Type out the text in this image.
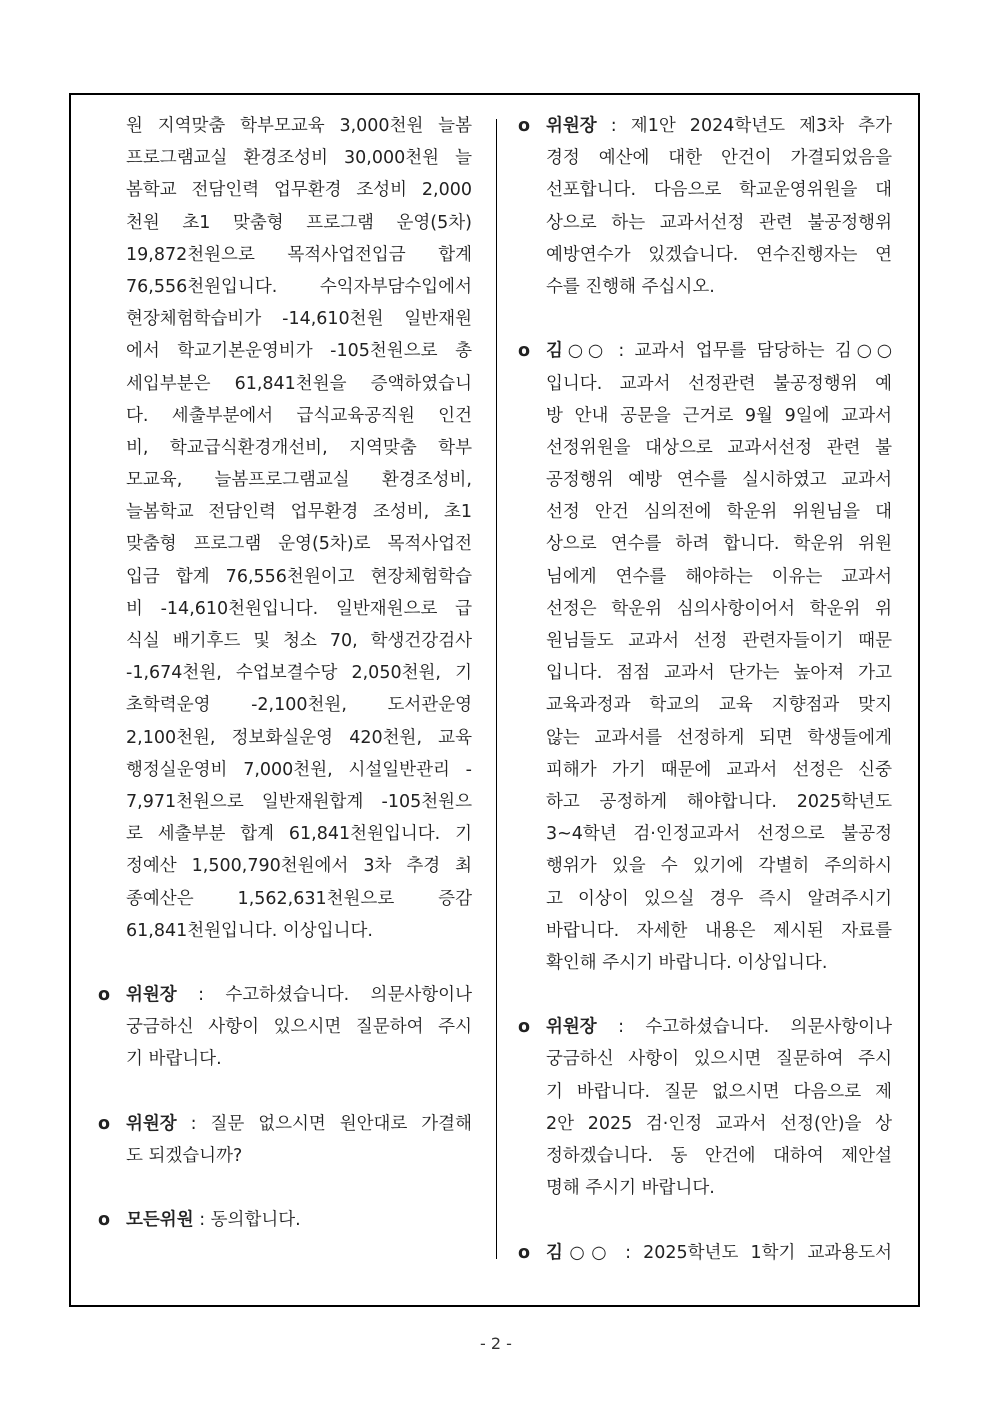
원 지역맞춤 학부모교육 3,000천원 늘봄
프로그램교실 환경조성비 30,000천원 늘
봄학교 전담인력 업무환경 조성비 2,000
천원 초1 맞춤형 프로그램 운영(5차)
19,872천원으로 목적사업전입금 합계
76,556천원입니다. 수익자부담수입에서
현장체험학습비가 -14,610천원 일반재원
에서 학교기본운영비가 -105천원으로 총
세입부분은 61,841천원을 증액하였습니
다. 세출부분에서 급식교육공직원 인건
비, 학교급식환경개선비, 지역맞춤 학부
모교육, 늘봄프로그램교실 환경조성비,
늘봄학교 전담인력 업무환경 조성비, 초1
맞춤형 프로그램 운영(5차)로 목적사업전
입금 합계 76,556천원이고 현장체험학습
비 -14,610천원입니다. 일반재원으로 급
식실 배기후드 및 청소 70, 학생건강검사
-1,674천원, 수업보결수당 2,050천원, 기
초학력운영 -2,100천원, 도서관운영
2,100천원, 정보화실운영 420천원, 교육
행정실운영비 7,000천원, 시설일반관리 -
7,971천원으로 일반재원합계 -105천원으
로 세출부분 합계 61,841천원입니다. 기
정예산 1,500,790천원에서 3차 추경 최
종예산은 1,562,631천원으로 증감
61,841천원입니다. 이상입니다.
o 위원장 : 수고하셨습니다. 의문사항이나
궁금하신 사항이 있으시면 질문하여 주시
기 바랍니다.
o 위원장 : 질문 없으시면 원안대로 가결해
도 되겠습니까?
o 모든위원 : 동의합니다.
o 위원장 : 제1안 2024학년도 제3차 추가
경정 예산에 대한 안건이 가결되었음을
선포합니다. 다음으로 학교운영위원을 대
상으로 하는 교과서선정 관련 불공정행위
예방연수가 있겠습니다. 연수진행자는 연
수를 진행해 주십시오.
o 김○○ : 교과서 업무를 담당하는 김○○
입니다. 교과서 선정관련 불공정행위 예
방 안내 공문을 근거로 9월 9일에 교과서
선정위원을 대상으로 교과서선정 관련 불
공정행위 예방 연수를 실시하였고 교과서
선정 안건 심의전에 학운위 위원님을 대
상으로 연수를 하려 합니다. 학운위 위원
님에게 연수를 해야하는 이유는 교과서
선정은 학운위 심의사항이어서 학운위 위
원님들도 교과서 선정 관련자들이기 때문
입니다. 점점 교과서 단가는 높아져 가고
교육과정과 학교의 교육 지향점과 맞지
않는 교과서를 선정하게 되면 학생들에게
피해가 가기 때문에 교과서 선정은 신중
하고 공정하게 해야합니다. 2025학년도
3~4학년 검·인정교과서 선정으로 불공정
행위가 있을 수 있기에 각별히 주의하시
고 이상이 있으실 경우 즉시 알려주시기
바랍니다. 자세한 내용은 제시된 자료를
확인해 주시기 바랍니다. 이상입니다.
o 위원장 : 수고하셨습니다. 의문사항이나
궁금하신 사항이 있으시면 질문하여 주시
기 바랍니다. 질문 없으시면 다음으로 제
2안 2025 검·인정 교과서 선정(안)을 상
정하겠습니다. 동 안건에 대하여 제안설
명해 주시기 바랍니다.
o 김○○ : 2025학년도 1학기 교과용도서
- 2 -
